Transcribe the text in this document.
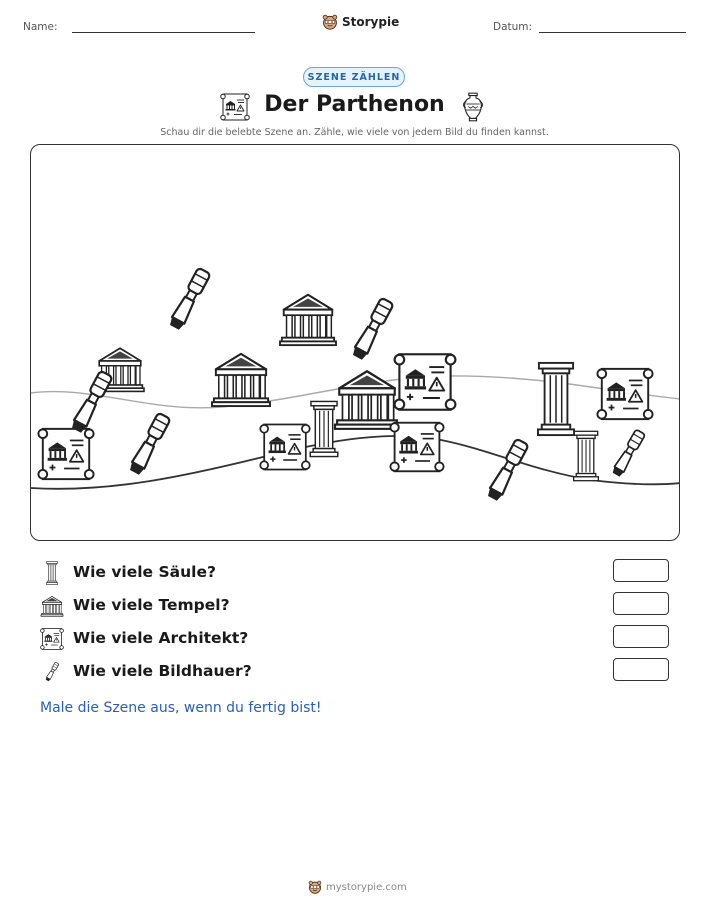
Name:	Storypie	Datum:
SZENE ZÄHLEN
Der Parthenon
Schau dir die belebte Szene an. Zähle, wie viele von jedem Bild du finden kannst.
Wie viele Säule?
Wie viele Tempel?
Wie viele Architekt?
Wie viele Bildhauer?
Male die Szene aus, wenn du fertig bist!
mystorypie.com
